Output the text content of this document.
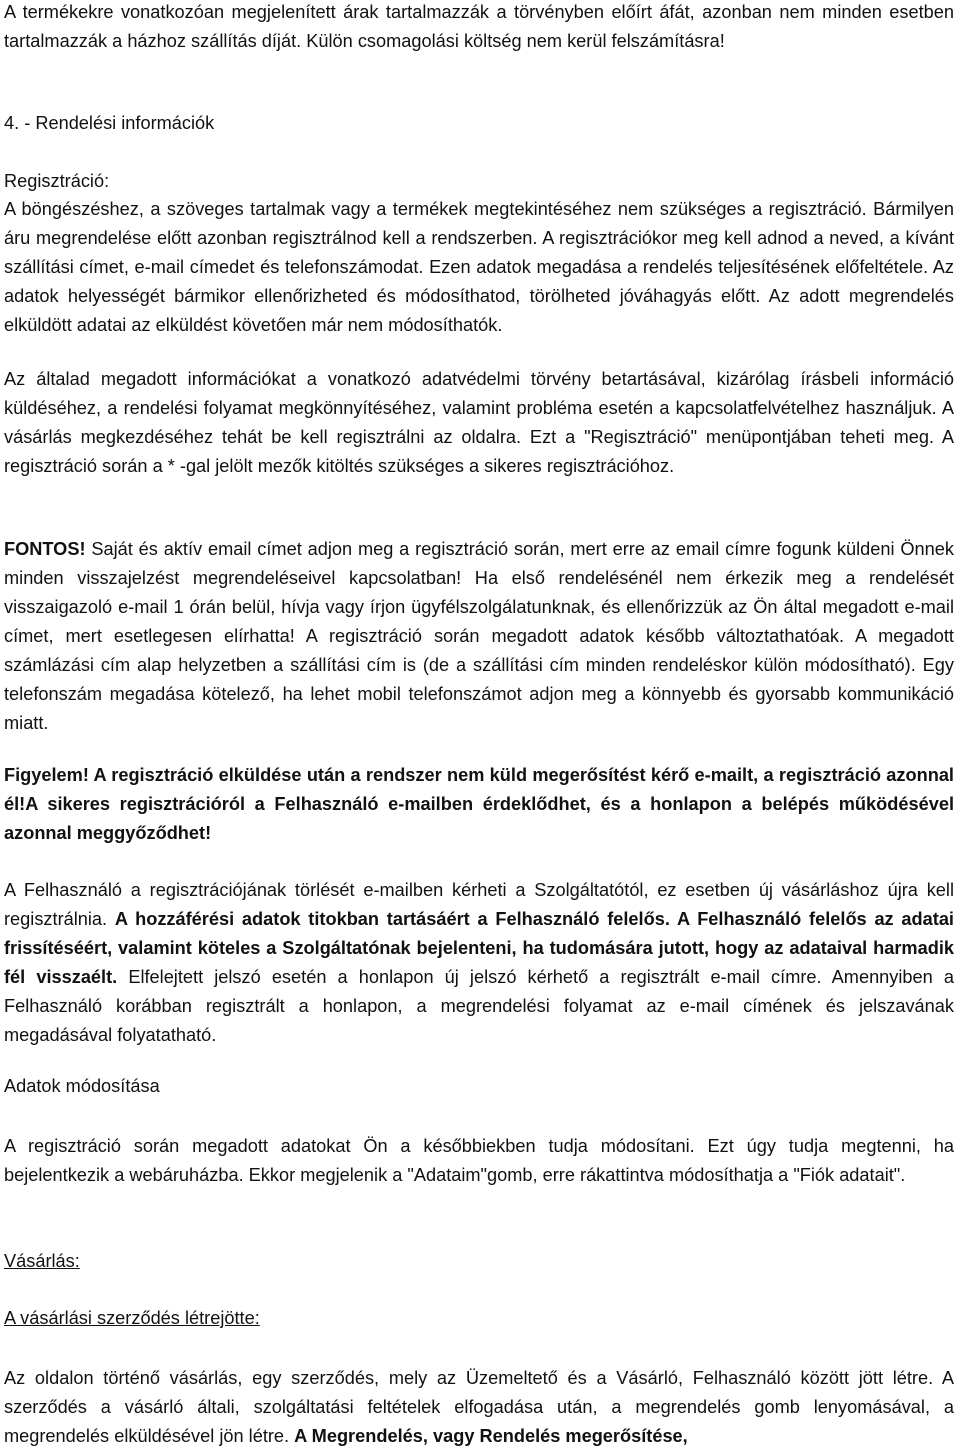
A termékekre vonatkozóan megjelenített árak tartalmazzák a törvényben előírt áfát, azonban nem minden esetben tartalmazzák a házhoz szállítás díját. Külön csomagolási költség nem kerül felszámításra!

4. - Rendelési információk
Regisztráció:

A böngészéshez, a szöveges tartalmak vagy a termékek megtekintéséhez nem szükséges a regisztráció. Bármilyen áru megrendelése előtt azonban regisztrálnod kell a rendszerben. A regisztrációkor meg kell adnod a neved, a kívánt szállítási címet, e-mail címedet és telefonszámodat. Ezen adatok megadása a rendelés teljesítésének előfeltétele. Az adatok helyességét bármikor ellenőrizheted és módosíthatod, törölheted jóváhagyás előtt. Az adott megrendelés elküldött adatai az elküldést követően már nem módosíthatók.

Az általad megadott információkat a vonatkozó adatvédelmi törvény betartásával, kizárólag írásbeli információ küldéséhez, a rendelési folyamat megkönnyítéséhez, valamint probléma esetén a kapcsolatfelvételhez használjuk. A vásárlás megkezdéséhez tehát be kell regisztrálni az oldalra. Ezt a "Regisztráció" menüpontjában teheti meg. A regisztráció során a * -gal jelölt mezők kitöltés szükséges a sikeres regisztrációhoz.

FONTOS! Saját és aktív email címet adjon meg a regisztráció során, mert erre az email címre fogunk küldeni Önnek minden visszajelzést megrendeléseivel kapcsolatban! Ha első rendelésénél nem érkezik meg a rendelését visszaigazoló e-mail 1 órán belül, hívja vagy írjon ügyfélszolgálatunknak, és ellenőrizzük az Ön által megadott e-mail címet, mert esetlegesen elírhatta! A regisztráció során megadott adatok később változtathatóak. A megadott számlázási cím alap helyzetben a szállítási cím is (de a szállítási cím minden rendeléskor külön módosítható). Egy telefonszám megadása kötelező, ha lehet mobil telefonszámot adjon meg a könnyebb és gyorsabb kommunikáció miatt.

Figyelem! A regisztráció elküldése után a rendszer nem küld megerősítést kérő e-mailt, a regisztráció azonnal él!A sikeres regisztrációról a Felhasználó e-mailben érdeklődhet, és a honlapon a belépés működésével azonnal meggyőződhet!

A Felhasználó a regisztrációjának törlését e-mailben kérheti a Szolgáltatótól, ez esetben új vásárláshoz újra kell regisztrálnia. A hozzáférési adatok titokban tartásáért a Felhasználó felelős. A Felhasználó felelős az adatai frissítéséért, valamint köteles a Szolgáltatónak bejelenteni, ha tudomására jutott, hogy az adataival harmadik fél visszaélt. Elfelejtett jelszó esetén a honlapon új jelszó kérhető a regisztrált e-mail címre. Amennyiben a Felhasználó korábban regisztrált a honlapon, a megrendelési folyamat az e-mail címének és jelszavának megadásával folyatatható.

Adatok módosítása

A regisztráció során megadott adatokat Ön a későbbiekben tudja módosítani. Ezt úgy tudja megtenni, ha bejelentkezik a webáruházba. Ekkor megjelenik a "Adataim"gomb, erre rákattintva módosíthatja a "Fiók adatait".

Vásárlás:
A vásárlási szerződés létrejötte:

Az oldalon történő vásárlás, egy szerződés, mely az Üzemeltető és a Vásárló, Felhasználó között jött létre. A szerződés a vásárló általi, szolgáltatási feltételek elfogadása után, a megrendelés gomb lenyomásával, a megrendelés elküldésével jön létre. A Megrendelés, vagy Rendelés megerősítése,
